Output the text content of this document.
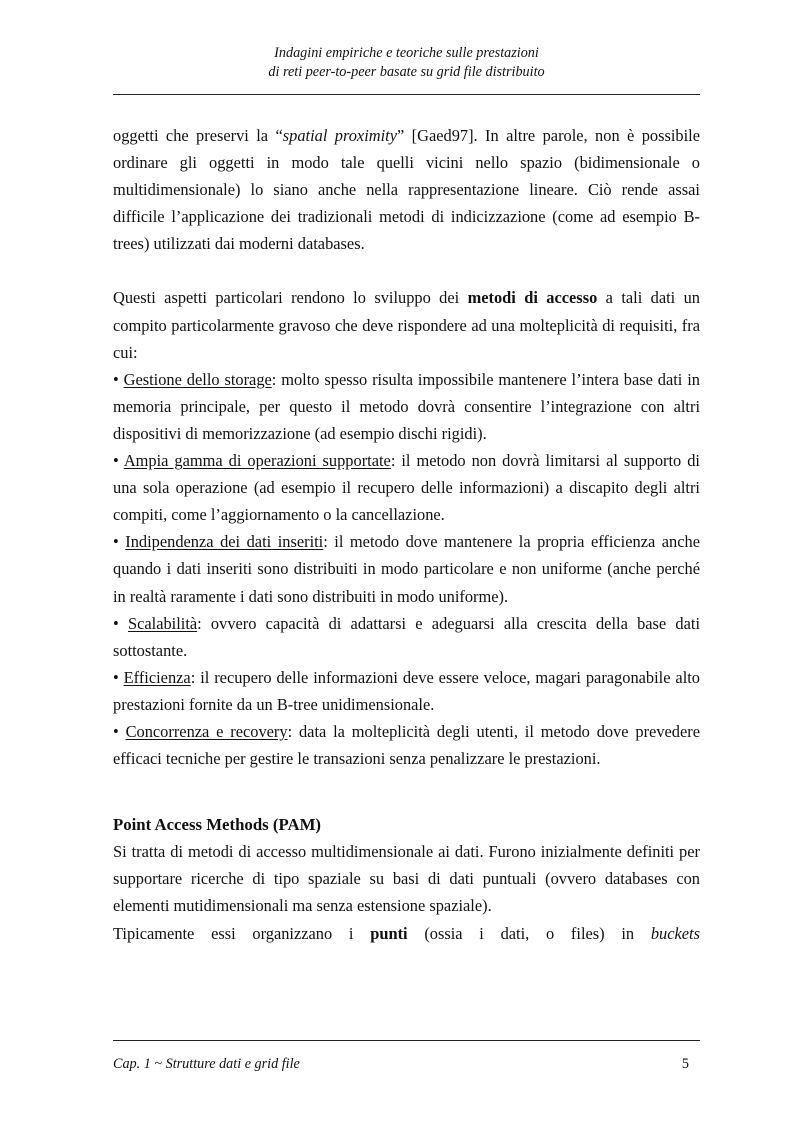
Indagini empiriche e teoriche sulle prestazioni
di reti peer-to-peer basate su grid file distribuito

oggetti che preservi la “spatial proximity” [Gaed97]. In altre parole, non è possibile ordinare gli oggetti in modo tale quelli vicini nello spazio (bidimensionale o multidimensionale) lo siano anche nella rappresentazione lineare. Ciò rende assai difficile l’applicazione dei tradizionali metodi di indicizzazione (come ad esempio B-trees) utilizzati dai moderni databases.

Questi aspetti particolari rendono lo sviluppo dei metodi di accesso a tali dati un compito particolarmente gravoso che deve rispondere ad una molteplicità di requisiti, fra cui:

• Gestione dello storage: molto spesso risulta impossibile mantenere l’intera base dati in memoria principale, per questo il metodo dovrà consentire l’integrazione con altri dispositivi di memorizzazione (ad esempio dischi rigidi).

• Ampia gamma di operazioni supportate: il metodo non dovrà limitarsi al supporto di una sola operazione (ad esempio il recupero delle informazioni) a discapito degli altri compiti, come l’aggiornamento o la cancellazione.

• Indipendenza dei dati inseriti: il metodo dove mantenere la propria efficienza anche quando i dati inseriti sono distribuiti in modo particolare e non uniforme (anche perché in realtà raramente i dati sono distribuiti in modo uniforme).

• Scalabilità: ovvero capacità di adattarsi e adeguarsi alla crescita della base dati sottostante.

• Efficienza: il recupero delle informazioni deve essere veloce, magari paragonabile alto prestazioni fornite da un B-tree unidimensionale.

• Concorrenza e recovery: data la molteplicità degli utenti, il metodo dove prevedere efficaci tecniche per gestire le transazioni senza penalizzare le prestazioni.

Point Access Methods (PAM)

Si tratta di metodi di accesso multidimensionale ai dati. Furono inizialmente definiti per supportare ricerche di tipo spaziale su basi di dati puntuali (ovvero databases con elementi mutidimensionali ma senza estensione spaziale).

Tipicamente essi organizzano i punti (ossia i dati, o files) in buckets

Cap. 1 ~ Strutture dati e grid file	5
